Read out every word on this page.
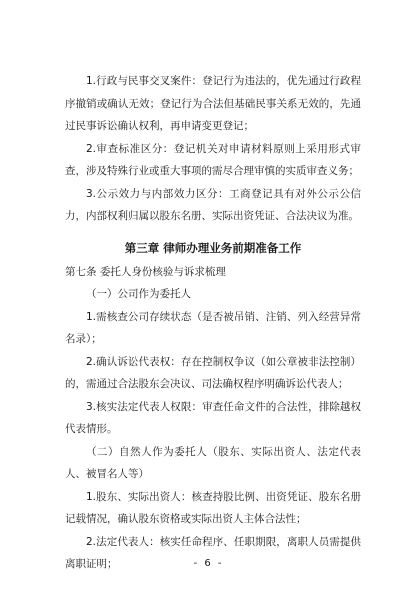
1.行政与民事交叉案件：登记行为违法的，优先通过行政程序撤销或确认无效；登记行为合法但基础民事关系无效的，先通过民事诉讼确认权利，再申请变更登记；

2.审查标准区分：登记机关对申请材料原则上采用形式审查，涉及特殊行业或重大事项的需尽合理审慎的实质审查义务；

3.公示效力与内部效力区分：工商登记具有对外公示公信力，内部权利归属以股东名册、实际出资凭证、合法决议为准。

第三章 律师办理业务前期准备工作

第七条 委托人身份核验与诉求梳理

（一）公司作为委托人

1.需核查公司存续状态（是否被吊销、注销、列入经营异常名录）；

2.确认诉讼代表权：存在控制权争议（如公章被非法控制）的，需通过合法股东会决议、司法确权程序明确诉讼代表人；

3.核实法定代表人权限：审查任命文件的合法性，排除越权代表情形。

（二）自然人作为委托人（股东、实际出资人、法定代表人、被冒名人等）

1.股东、实际出资人：核查持股比例、出资凭证、股东名册记载情况，确认股东资格或实际出资人主体合法性；

2.法定代表人：核实任命程序、任职期限，离职人员需提供离职证明；	- 6 -
